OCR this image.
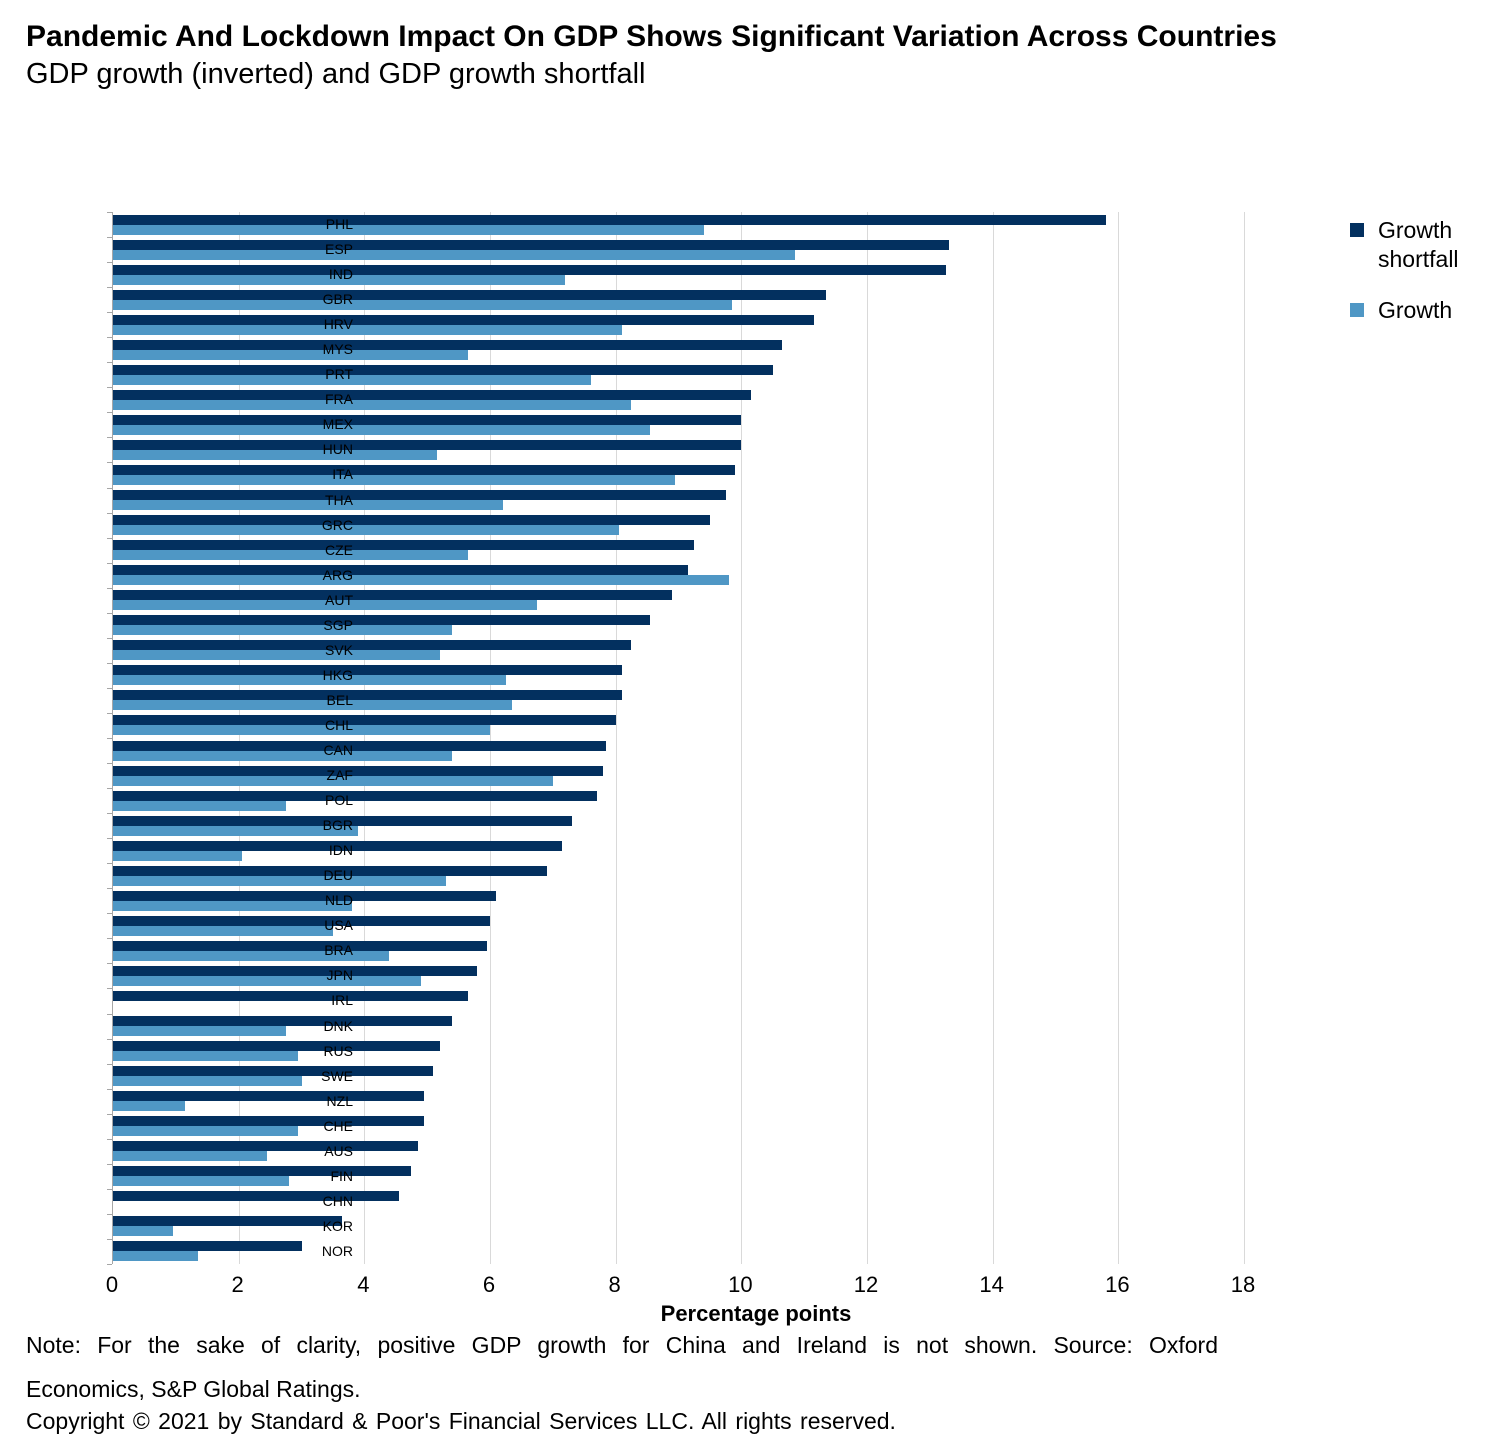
Pandemic And Lockdown Impact On GDP Shows Significant Variation Across Countries
GDP growth (inverted) and GDP growth shortfall
Growth shortfall
Growth
Percentage points
Note: For the sake of clarity, positive GDP growth for China and Ireland is not shown. Source: Oxford
Economics, S&P Global Ratings.
Copyright © 2021 by Standard & Poor's Financial Services LLC. All rights reserved.
PHL
ESP
IND
GBR
HRV
MYS
PRT
FRA
MEX
HUN
ITA
THA
GRC
CZE
ARG
AUT
SGP
SVK
HKG
BEL
CHL
CAN
ZAF
POL
BGR
IDN
DEU
NLD
USA
BRA
JPN
IRL
DNK
RUS
SWE
NZL
CHE
AUS
FIN
CHN
KOR
NOR
0	2	4	6	8	10	12	14	16	18
